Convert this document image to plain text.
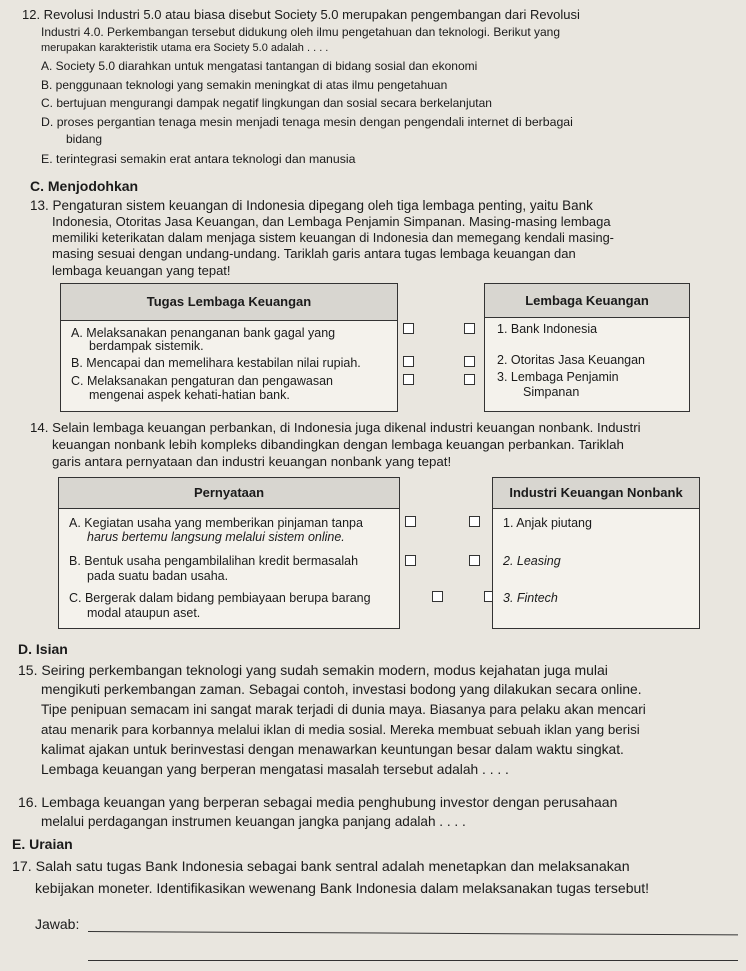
12. Revolusi Industri 5.0 atau biasa disebut Society 5.0 merupakan pengembangan dari Revolusi
Industri 4.0. Perkembangan tersebut didukung oleh ilmu pengetahuan dan teknologi. Berikut yang
merupakan karakteristik utama era Society 5.0 adalah . . . .
A. Society 5.0 diarahkan untuk mengatasi tantangan di bidang sosial dan ekonomi
B. penggunaan teknologi yang semakin meningkat di atas ilmu pengetahuan
C. bertujuan mengurangi dampak negatif lingkungan dan sosial secara berkelanjutan
D. proses pergantian tenaga mesin menjadi tenaga mesin dengan pengendali internet di berbagai
bidang
E. terintegrasi semakin erat antara teknologi dan manusia
C. Menjodohkan
13. Pengaturan sistem keuangan di Indonesia dipegang oleh tiga lembaga penting, yaitu Bank
Indonesia, Otoritas Jasa Keuangan, dan Lembaga Penjamin Simpanan. Masing-masing lembaga
memiliki keterikatan dalam menjaga sistem keuangan di Indonesia dan memegang kendali masing-
masing sesuai dengan undang-undang. Tariklah garis antara tugas lembaga keuangan dan
lembaga keuangan yang tepat!
Tugas Lembaga Keuangan
A. Melaksanakan penanganan bank gagal yang
berdampak sistemik.
B. Mencapai dan memelihara kestabilan nilai rupiah.
C. Melaksanakan pengaturan dan pengawasan
mengenai aspek kehati-hatian bank.
Lembaga Keuangan
1. Bank Indonesia
2. Otoritas Jasa Keuangan
3. Lembaga Penjamin
Simpanan
14. Selain lembaga keuangan perbankan, di Indonesia juga dikenal industri keuangan nonbank. Industri
keuangan nonbank lebih kompleks dibandingkan dengan lembaga keuangan perbankan. Tariklah
garis antara pernyataan dan industri keuangan nonbank yang tepat!
Pernyataan
A. Kegiatan usaha yang memberikan pinjaman tanpa
harus bertemu langsung melalui sistem online.
B. Bentuk usaha pengambilalihan kredit bermasalah
pada suatu badan usaha.
C. Bergerak dalam bidang pembiayaan berupa barang
modal ataupun aset.
Industri Keuangan Nonbank
1. Anjak piutang
2. Leasing
3. Fintech
D. Isian
15. Seiring perkembangan teknologi yang sudah semakin modern, modus kejahatan juga mulai
mengikuti perkembangan zaman. Sebagai contoh, investasi bodong yang dilakukan secara online.
Tipe penipuan semacam ini sangat marak terjadi di dunia maya. Biasanya para pelaku akan mencari
atau menarik para korbannya melalui iklan di media sosial. Mereka membuat sebuah iklan yang berisi
kalimat ajakan untuk berinvestasi dengan menawarkan keuntungan besar dalam waktu singkat.
Lembaga keuangan yang berperan mengatasi masalah tersebut adalah . . . .
16. Lembaga keuangan yang berperan sebagai media penghubung investor dengan perusahaan
melalui perdagangan instrumen keuangan jangka panjang adalah . . . .
E. Uraian
17. Salah satu tugas Bank Indonesia sebagai bank sentral adalah menetapkan dan melaksanakan
kebijakan moneter. Identifikasikan wewenang Bank Indonesia dalam melaksanakan tugas tersebut!
Jawab:
